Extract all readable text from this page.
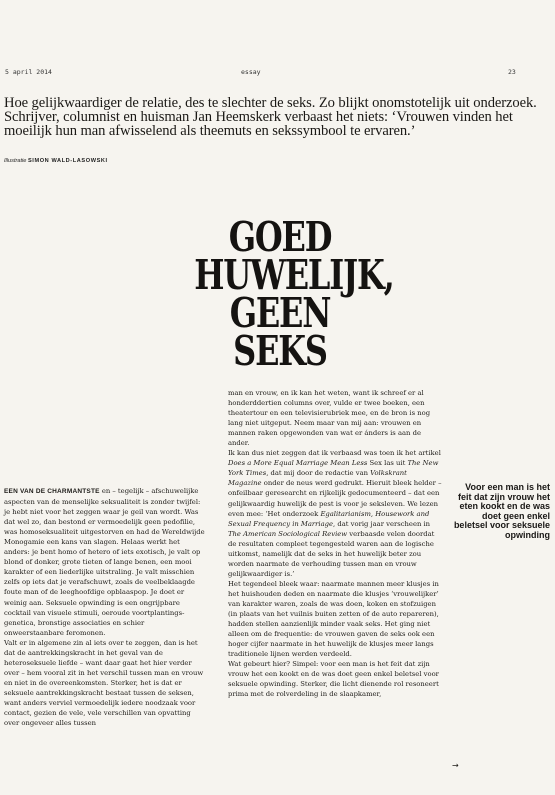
5 april 2014	essay	23

Hoe gelijkwaardiger de relatie, des te slechter de seks. Zo blijkt onomstotelijk uit onderzoek. Schrijver, columnist en huisman Jan Heemskerk verbaast het niets: ‘Vrouwen vinden het moeilijk hun man afwisselend als theemuts en sekssymbool te ervaren.’

Illustratie SIMON WALD-LASOWSKI
GOED
HUWELIJK,
GEEN
SEKS

EEN VAN DE CHARMANTSTE en – tegelijk – afschuwelijke aspecten van de menselijke seksualiteit is zonder twijfel: je hebt niet voor het zeggen waar je geil van wordt. Was dat wel zo, dan bestond er vermoedelijk geen pedofilie, was homoseksualiteit uitgestorven en had de Wereldwijde Monogamie een kans van slagen. Helaas werkt het anders: je bent homo of hetero of iets exotisch, je valt op blond of donker, grote tieten of lange benen, een mooi karakter of een liederlijke uitstraling. Je valt misschien zelfs op iets dat je verafschuwt, zoals de veelbeklaagde foute man of de leeghoofdige opblaaspop. Je doet er weinig aan. Seksuele opwinding is een ongrijpbare cocktail van visuele stimuli, oeroude voortplantings-genetica, bronstige associaties en schier onweerstaanbare feromonen.

Valt er in algemene zin al iets over te zeggen, dan is het dat de aantrekkingskracht in het geval van de heteroseksuele liefde – want daar gaat het hier verder over – hem vooral zit in het verschil tussen man en vrouw en niet in de overeenkomsten. Sterker, het is dat er seksuele aantrekkingskracht bestaat tussen de seksen, want anders verviel vermoedelijk iedere noodzaak voor contact, gezien de vele, vele verschillen van opvatting over ongeveer alles tussen

man en vrouw, en ik kan het weten, want ik schreef er al honderddertien columns over, vulde er twee boeken, een theatertour en een televisierubriek mee, en de bron is nog lang niet uitgeput. Neem maar van mij aan: vrouwen en mannen raken opgewonden van wat er ánders is aan de ander.

Ik kan dus niet zeggen dat ik verbaasd was toen ik het artikel Does a More Equal Marriage Mean Less Sex las uit The New York Times, dat mij door de redactie van Volkskrant Magazine onder de neus werd gedrukt. Hieruit bleek helder – onfeilbaar geresearcht en rijkelijk gedocumenteerd – dat een gelijkwaardig huwelijk de pest is voor je seksleven. We lezen even mee: ‘Het onderzoek Egalitarianism, Housework and Sexual Frequency in Marriage, dat vorig jaar verscheen in The American Sociological Review verbaasde velen doordat de resultaten compleet tegengesteld waren aan de logische uitkomst, namelijk dat de seks in het huwelijk beter zou worden naarmate de verhouding tussen man en vrouw gelijkwaardiger is.’

Het tegendeel bleek waar: naarmate mannen meer klusjes in het huishouden deden en naarmate die klusjes ‘vrouwelijker’ van karakter waren, zoals de was doen, koken en stofzuigen (in plaats van het vuilnis buiten zetten of de auto repareren), hadden stellen aanzienlijk minder vaak seks. Het ging niet alleen om de frequentie: de vrouwen gaven de seks ook een hoger cijfer naarmate in het huwelijk de klusjes meer langs traditionele lijnen werden verdeeld.

Wat gebeurt hier? Simpel: voor een man is het feit dat zijn vrouw het een kookt en de was doet geen enkel beletsel voor seksuele opwinding. Sterker, die licht dienende rol resoneert prima met de rolverdeling in de slaapkamer,

Voor een man is het feit dat zijn vrouw het eten kookt en de was doet geen enkel beletsel voor seksuele opwinding

→
